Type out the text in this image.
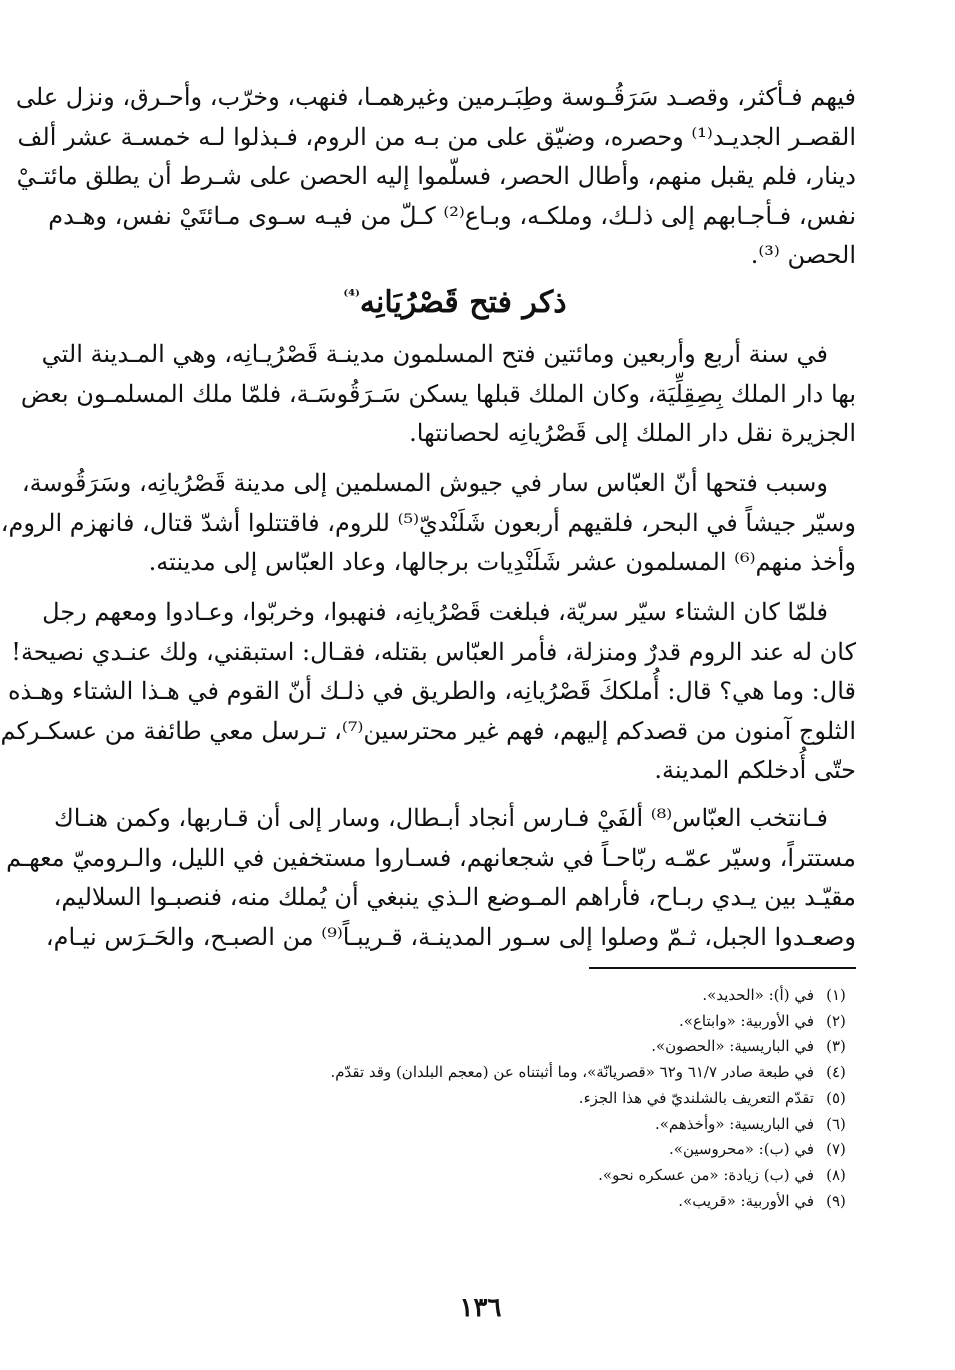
فيهم فـأكثر، وقصـد سَرَقُـوسة وطِبَـرمين وغيرهمـا، فنهب، وخرّب، وأحـرق، ونزل على
القصـر الجديـد⁽¹⁾ وحصره، وضيّق على من بـه من الروم، فـبذلوا لـه خمسـة عشر ألف
دينار، فلم يقبل منهم، وأطال الحصر، فسلّموا إليه الحصن على شـرط أن يطلق مائتـيْ
نفس، فـأجـابهم إلى ذلـك، وملكـه، وبـاع⁽²⁾ كـلّ من فيـه سـوى مـائتَيْ نفس، وهـدم
الحصن ⁽³⁾.
ذكر فتح قَصْرُيَانِه$^{^{(4)}}$
في سنة أربع وأربعين ومائتين فتح المسلمون مدينـة قَصْرُيـانِه، وهي المـدينة التي
بها دار الملك بِصِقِلِّيَة، وكان الملك قبلها يسكن سَـرَقُوسَـة، فلمّا ملك المسلمـون بعض
الجزيرة نقل دار الملك إلى قَصْرُيانِه لحصانتها.
وسبب فتحها أنّ العبّاس سار في جيوش المسلمين إلى مدينة قَصْرُيانِه، وسَرَقُوسة،
وسيّر جيشاً في البحر، فلقيهم أربعون شَلَنْديّ⁽⁵⁾ للروم، فاقتتلوا أشدّ قتال، فانهزم الروم،
وأخذ منهم⁽⁶⁾ المسلمون عشر شَلَنْدِيات برجالها، وعاد العبّاس إلى مدينته.
فلمّا كان الشتاء سيّر سريّة، فبلغت قَصْرُيانِه، فنهبوا، وخربّوا، وعـادوا ومعهم رجل
كان له عند الروم قدرٌ ومنزلة، فأمر العبّاس بقتله، فقـال: استبقني، ولك عنـدي نصيحة!
قال: وما هي؟ قال: أُملككَ قَصْرُيانِه، والطريق في ذلـك أنّ القوم في هـذا الشتاء وهـذه
الثلوج آمنون من قصدكم إليهم، فهم غير محترسين⁽⁷⁾، تـرسل معي طائفة من عسكـركم
حتّى أُدخلكم المدينة.
فـانتخب العبّاس⁽⁸⁾ ألفَيْ فـارس أنجاد أبـطال، وسار إلى أن قـاربها، وكمن هنـاك
مستتراً، وسيّر عمّـه ربّاحـاً في شجعانهم، فسـاروا مستخفين في الليل، والـروميّ معهـم
مقيّـد بين يـدي ربـاح، فأراهم المـوضع الـذي ينبغي أن يُملك منه، فنصبـوا السلاليم،
وصعـدوا الجبل، ثـمّ وصلوا إلى سـور المدينـة، قـريبـاً⁽⁹⁾ من الصبـح، والحَـرَس نيـام،
(١)
في (أ): «الحديد».
(٢)
في الأوربية: «وابتاع».
(٣)
في الباريسية: «الحصون».
(٤)
في طبعة صادر ٦١/٧ و٦٢ «قصريانّة»، وما أثبتناه عن (معجم البلدان) وقد تقدّم.
(٥)
تقدّم التعريف بالشلنديّ في هذا الجزء.
(٦)
في الباريسية: «وأخذهم».
(٧)
في (ب): «محروسين».
(٨)
في (ب) زيادة: «من عسكره نحو».
(٩)
في الأوربية: «قريب».
١٣٦
